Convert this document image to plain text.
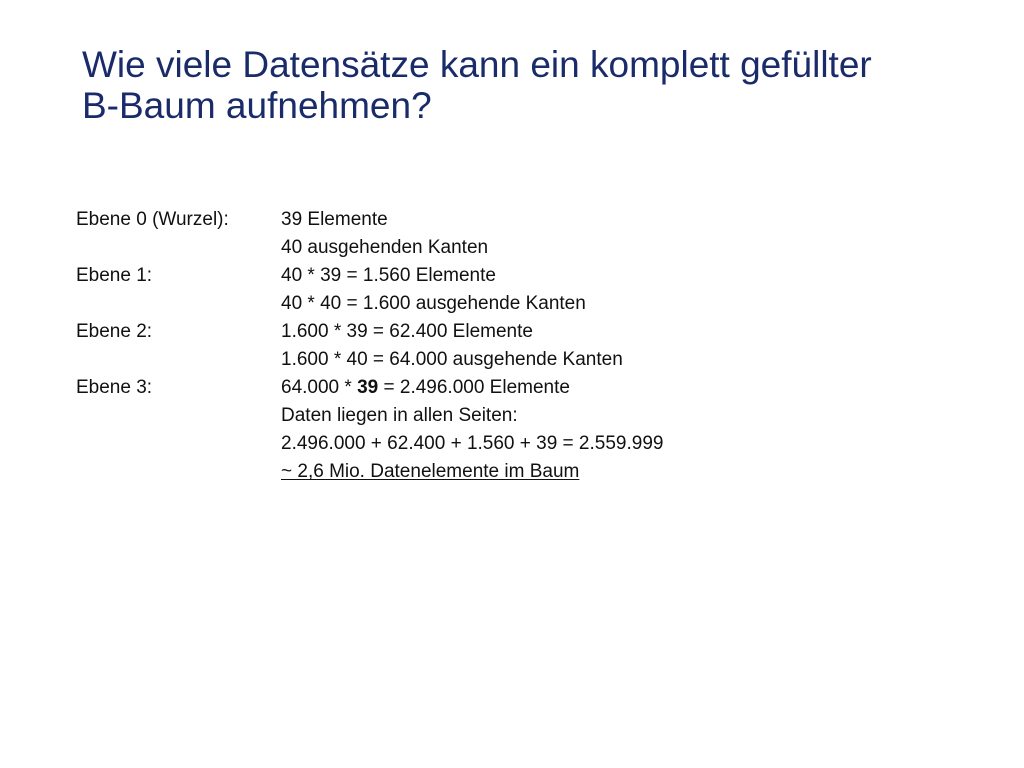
Wie viele Datensätze kann ein komplett gefüllter
B-Baum aufnehmen?
Ebene 0 (Wurzel):	39 Elemente
40 ausgehenden Kanten
Ebene 1:	40 * 39 = 1.560 Elemente
40 * 40 = 1.600 ausgehende Kanten
Ebene 2:	1.600 * 39 = 62.400 Elemente
1.600 * 40 = 64.000 ausgehende Kanten
Ebene 3:	64.000 * 39 = 2.496.000 Elemente
Daten liegen in allen Seiten:
2.496.000 + 62.400 + 1.560 + 39 = 2.559.999
~ 2,6 Mio. Datenelemente im Baum
